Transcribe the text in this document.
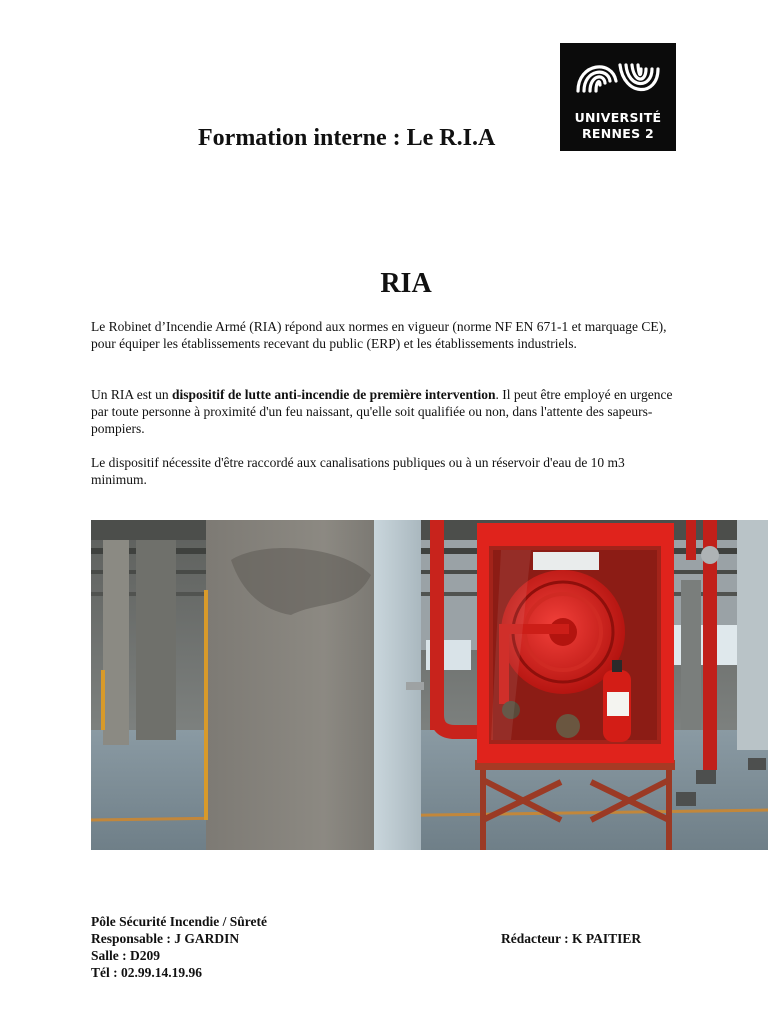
UNIVERSITÉ
RENNES 2
Formation interne : Le R.I.A
RIA
Le Robinet d’Incendie Armé (RIA) répond aux normes en vigueur (norme NF EN 671-1 et marquage CE), pour équiper les établissements recevant du public (ERP) et les établissements industriels.
Un RIA est un dispositif de lutte anti-incendie de première intervention. Il peut être employé en urgence par toute personne à proximité d'un feu naissant, qu'elle soit qualifiée ou non, dans l'attente des sapeurs-pompiers.
Le dispositif nécessite d'être raccordé aux canalisations publiques ou à un réservoir d'eau de 10 m3 minimum.
Pôle Sécurité Incendie / Sûreté
Responsable : J GARDIN
Salle : D209
Tél : 02.99.14.19.96
Rédacteur : K PAITIER
